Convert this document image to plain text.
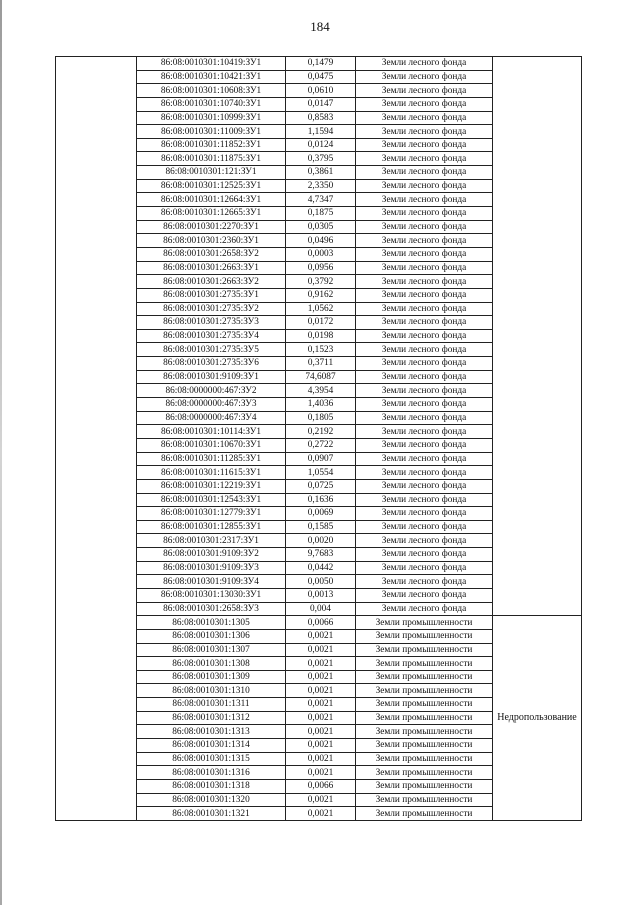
184
	86:08:0010301:10419:ЗУ1	0,1479	Земли лесного фонда	
	86:08:0010301:10421:ЗУ1	0,0475	Земли лесного фонда	
	86:08:0010301:10608:ЗУ1	0,0610	Земли лесного фонда	
	86:08:0010301:10740:ЗУ1	0,0147	Земли лесного фонда	
	86:08:0010301:10999:ЗУ1	0,8583	Земли лесного фонда	
	86:08:0010301:11009:ЗУ1	1,1594	Земли лесного фонда	
	86:08:0010301:11852:ЗУ1	0,0124	Земли лесного фонда	
	86:08:0010301:11875:ЗУ1	0,3795	Земли лесного фонда	
	86:08:0010301:121:ЗУ1	0,3861	Земли лесного фонда	
	86:08:0010301:12525:ЗУ1	2,3350	Земли лесного фонда	
	86:08:0010301:12664:ЗУ1	4,7347	Земли лесного фонда	
	86:08:0010301:12665:ЗУ1	0,1875	Земли лесного фонда	
	86:08:0010301:2270:ЗУ1	0,0305	Земли лесного фонда	
	86:08:0010301:2360:ЗУ1	0,0496	Земли лесного фонда	
	86:08:0010301:2658:ЗУ2	0,0003	Земли лесного фонда	
	86:08:0010301:2663:ЗУ1	0,0956	Земли лесного фонда	
	86:08:0010301:2663:ЗУ2	0,3792	Земли лесного фонда	
	86:08:0010301:2735:ЗУ1	0,9162	Земли лесного фонда	
	86:08:0010301:2735:ЗУ2	1,0562	Земли лесного фонда	
	86:08:0010301:2735:ЗУ3	0,0172	Земли лесного фонда	
	86:08:0010301:2735:ЗУ4	0,0198	Земли лесного фонда	
	86:08:0010301:2735:ЗУ5	0,1523	Земли лесного фонда	
	86:08:0010301:2735:ЗУ6	0,3711	Земли лесного фонда	
	86:08:0010301:9109:ЗУ1	74,6087	Земли лесного фонда	
	86:08:0000000:467:ЗУ2	4,3954	Земли лесного фонда	
	86:08:0000000:467:ЗУ3	1,4036	Земли лесного фонда	
	86:08:0000000:467:ЗУ4	0,1805	Земли лесного фонда	
	86:08:0010301:10114:ЗУ1	0,2192	Земли лесного фонда	
	86:08:0010301:10670:ЗУ1	0,2722	Земли лесного фонда	
	86:08:0010301:11285:ЗУ1	0,0907	Земли лесного фонда	
	86:08:0010301:11615:ЗУ1	1,0554	Земли лесного фонда	
	86:08:0010301:12219:ЗУ1	0,0725	Земли лесного фонда	
	86:08:0010301:12543:ЗУ1	0,1636	Земли лесного фонда	
	86:08:0010301:12779:ЗУ1	0,0069	Земли лесного фонда	
	86:08:0010301:12855:ЗУ1	0,1585	Земли лесного фонда	
	86:08:0010301:2317:ЗУ1	0,0020	Земли лесного фонда	
	86:08:0010301:9109:ЗУ2	9,7683	Земли лесного фонда	
	86:08:0010301:9109:ЗУ3	0,0442	Земли лесного фонда	
	86:08:0010301:9109:ЗУ4	0,0050	Земли лесного фонда	
	86:08:0010301:13030:ЗУ1	0,0013	Земли лесного фонда	
	86:08:0010301:2658:ЗУ3	0,004	Земли лесного фонда	
	86:08:0010301:1305	0,0066	Земли промышленности	Недропользование
	86:08:0010301:1306	0,0021	Земли промышленности	
	86:08:0010301:1307	0,0021	Земли промышленности	
	86:08:0010301:1308	0,0021	Земли промышленности	
	86:08:0010301:1309	0,0021	Земли промышленности	
	86:08:0010301:1310	0,0021	Земли промышленности	
	86:08:0010301:1311	0,0021	Земли промышленности	
	86:08:0010301:1312	0,0021	Земли промышленности	
	86:08:0010301:1313	0,0021	Земли промышленности	
	86:08:0010301:1314	0,0021	Земли промышленности	
	86:08:0010301:1315	0,0021	Земли промышленности	
	86:08:0010301:1316	0,0021	Земли промышленности	
	86:08:0010301:1318	0,0066	Земли промышленности	
	86:08:0010301:1320	0,0021	Земли промышленности	
	86:08:0010301:1321	0,0021	Земли промышленности	
